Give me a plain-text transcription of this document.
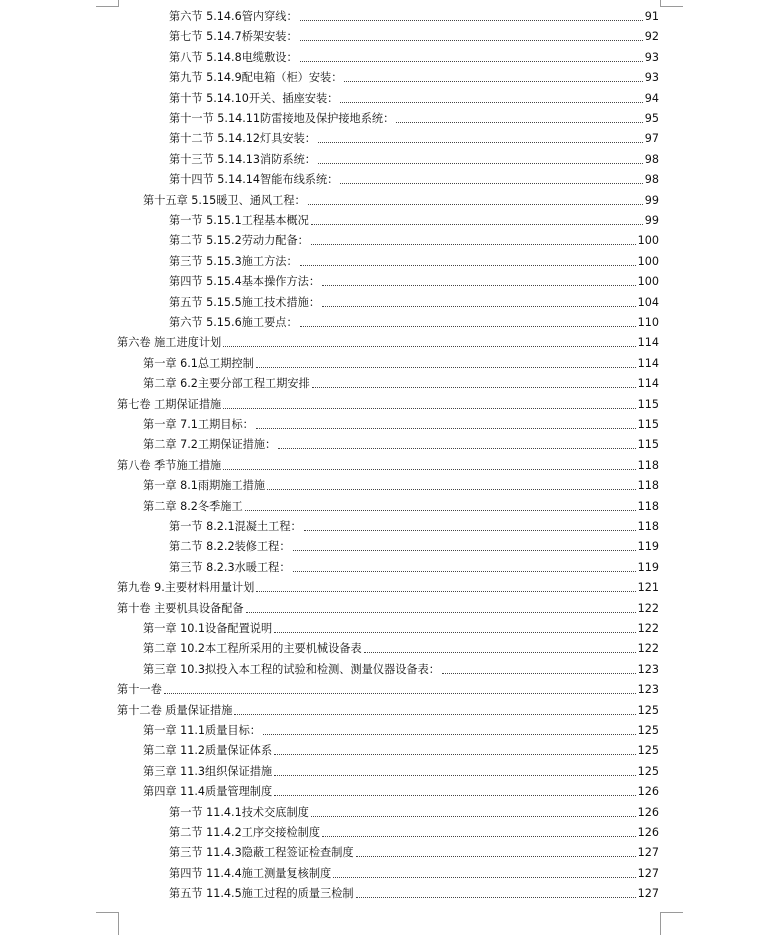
第六节 5.14.6管内穿线：	91
第七节 5.14.7桥架安装：	92
第八节 5.14.8电缆敷设：	93
第九节 5.14.9配电箱（柜）安装：	93
第十节 5.14.10开关、插座安装：	94
第十一节 5.14.11防雷接地及保护接地系统：	95
第十二节 5.14.12灯具安装：	97
第十三节 5.14.13消防系统：	98
第十四节 5.14.14智能布线系统：	98
第十五章 5.15暖卫、通风工程：	99
第一节 5.15.1工程基本概况	99
第二节 5.15.2劳动力配备：	100
第三节 5.15.3施工方法：	100
第四节 5.15.4基本操作方法：	100
第五节 5.15.5施工技术措施：	104
第六节 5.15.6施工要点：	110
第六卷 施工进度计划	114
第一章 6.1总工期控制	114
第二章 6.2主要分部工程工期安排	114
第七卷 工期保证措施	115
第一章 7.1工期目标：	115
第二章 7.2工期保证措施：	115
第八卷 季节施工措施	118
第一章 8.1雨期施工措施	118
第二章 8.2冬季施工	118
第一节 8.2.1混凝土工程：	118
第二节 8.2.2装修工程：	119
第三节 8.2.3水暖工程：	119
第九卷 9.主要材料用量计划	121
第十卷 主要机具设备配备	122
第一章 10.1设备配置说明	122
第二章 10.2本工程所采用的主要机械设备表	122
第三章 10.3拟投入本工程的试验和检测、测量仪器设备表：	123
第十一卷	123
第十二卷 质量保证措施	125
第一章 11.1质量目标：	125
第二章 11.2质量保证体系	125
第三章 11.3组织保证措施	125
第四章 11.4质量管理制度	126
第一节 11.4.1技术交底制度	126
第二节 11.4.2工序交接检制度	126
第三节 11.4.3隐蔽工程签证检查制度	127
第四节 11.4.4施工测量复核制度	127
第五节 11.4.5施工过程的质量三检制	127
